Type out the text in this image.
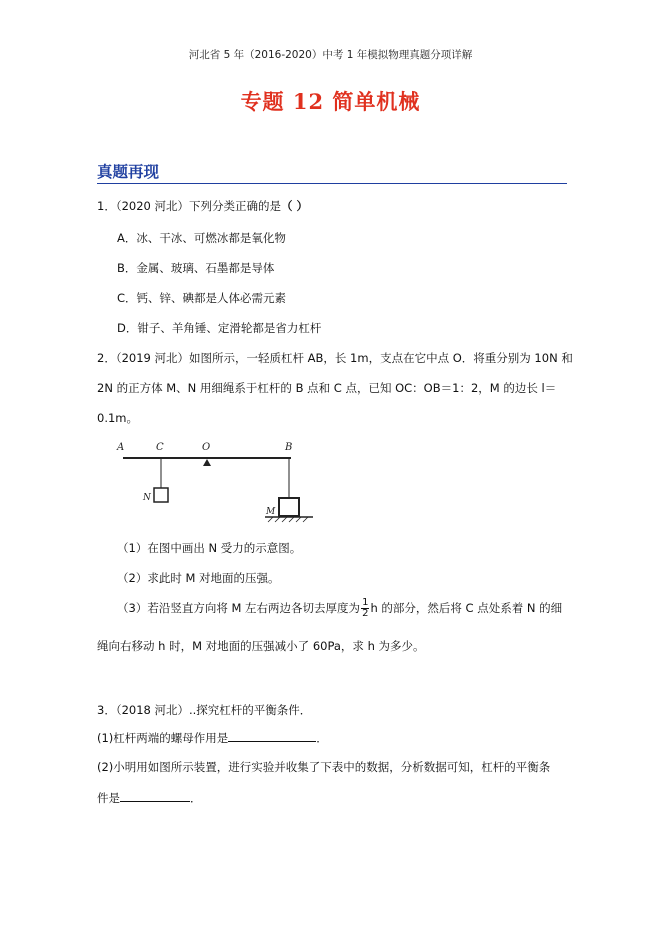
河北省 5 年（2016-2020）中考 1 年模拟物理真题分项详解
专题 12 简单机械
真题再现
1．（2020 河北）下列分类正确的是（ ）
A．冰、干冰、可燃冰都是氧化物
B．金属、玻璃、石墨都是导体
C．钙、锌、碘都是人体必需元素
D．钳子、羊角锤、定滑轮都是省力杠杆
2．（2019 河北）如图所示，一轻质杠杆 AB，长 1m，支点在它中点 O．将重分别为 10N 和
2N 的正方体 M、N 用细绳系于杠杆的 B 点和 C 点，已知 OC：OB＝1：2，M 的边长 l＝
0.1m。
A	C	O	B
N
M
（1）在图中画出 N 受力的示意图。
（2）求此时 M 对地面的压强。
（3）若沿竖直方向将 M 左右两边各切去厚度为 $\frac{1}{2}$ h 的部分，然后将 C 点处系着 N 的细
绳向右移动 h 时，M 对地面的压强减小了 60Pa，求 h 为多少。
3．（2018 河北）..探究杠杆的平衡条件．
(1)杠杆两端的螺母作用是	．
(2)小明用如图所示装置，进行实验并收集了下表中的数据，分析数据可知，杠杆的平衡条
件是	．
